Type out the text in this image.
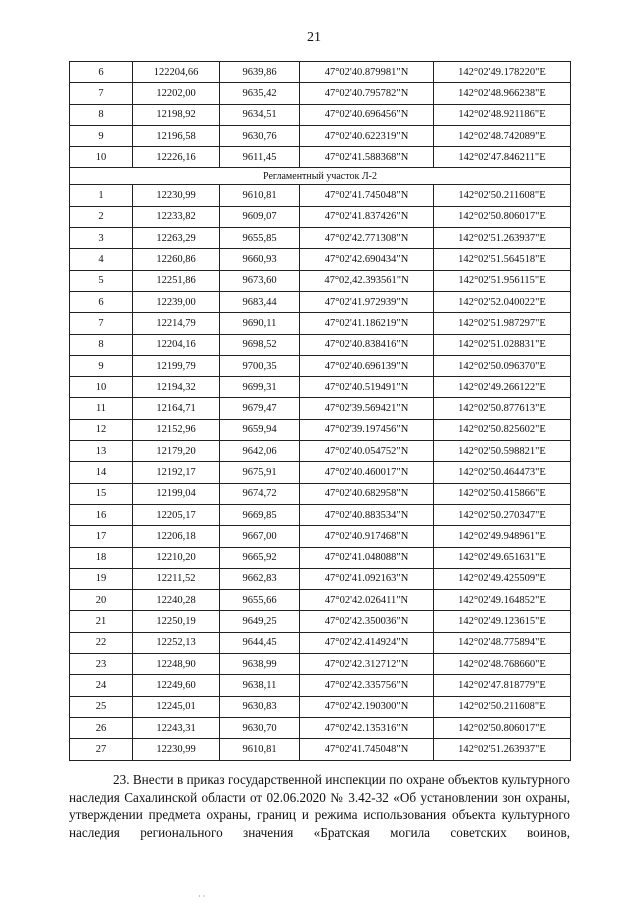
21
6	122204,66	9639,86	47°02'40.879981"N	142°02'49.178220"E
7	12202,00	9635,42	47°02'40.795782"N	142°02'48.966238"E
8	12198,92	9634,51	47°02'40.696456"N	142°02'48.921186"E
9	12196,58	9630,76	47°02'40.622319"N	142°02'48.742089"E
10	12226,16	9611,45	47°02'41.588368"N	142°02'47.846211"E
Регламентный участок Л-2				
1	12230,99	9610,81	47°02'41.745048"N	142°02'50.211608"E
2	12233,82	9609,07	47°02'41.837426"N	142°02'50.806017"E
3	12263,29	9655,85	47°02'42.771308"N	142°02'51.263937"E
4	12260,86	9660,93	47°02'42.690434"N	142°02'51.564518"E
5	12251,86	9673,60	47°02,42.393561"N	142°02'51.956115"E
6	12239,00	9683,44	47°02'41.972939"N	142°02'52.040022"E
7	12214,79	9690,11	47°02'41.186219"N	142°02'51.987297"E
8	12204,16	9698,52	47°02'40.838416"N	142°02'51.028831"E
9	12199,79	9700,35	47°02'40.696139"N	142°02'50.096370"E
10	12194,32	9699,31	47°02'40.519491"N	142°02'49.266122"E
11	12164,71	9679,47	47°02'39.569421"N	142°02'50.877613"E
12	12152,96	9659,94	47°02'39.197456"N	142°02'50.825602"E
13	12179,20	9642,06	47°02'40.054752"N	142°02'50.598821"E
14	12192,17	9675,91	47°02'40.460017"N	142°02'50.464473"E
15	12199,04	9674,72	47°02'40.682958"N	142°02'50.415866"E
16	12205,17	9669,85	47°02'40.883534"N	142°02'50.270347"E
17	12206,18	9667,00	47°02'40.917468"N	142°02'49.948961"E
18	12210,20	9665,92	47°02'41.048088"N	142°02'49.651631"E
19	12211,52	9662,83	47°02'41.092163"N	142°02'49.425509"E
20	12240,28	9655,66	47°02'42.026411"N	142°02'49.164852"E
21	12250,19	9649,25	47°02'42.350036"N	142°02'49.123615"E
22	12252,13	9644,45	47°02'42.414924"N	142°02'48.775894"E
23	12248,90	9638,99	47°02'42.312712"N	142°02'48.768660"E
24	12249,60	9638,11	47°02'42.335756"N	142°02'47.818779"E
25	12245,01	9630,83	47°02'42.190300"N	142°02'50.211608"E
26	12243,31	9630,70	47°02'42.135316"N	142°02'50.806017"E
27	12230,99	9610,81	47°02'41.745048"N	142°02'51.263937"E
23. Внести в приказ государственной инспекции по охране объектов культурного наследия Сахалинской области от 02.06.2020 № 3.42-32 «Об установлении зон охраны, утверждении предмета охраны, границ и режима использования объекта культурного наследия регионального значения «Братская могила советских воинов,
· ·
